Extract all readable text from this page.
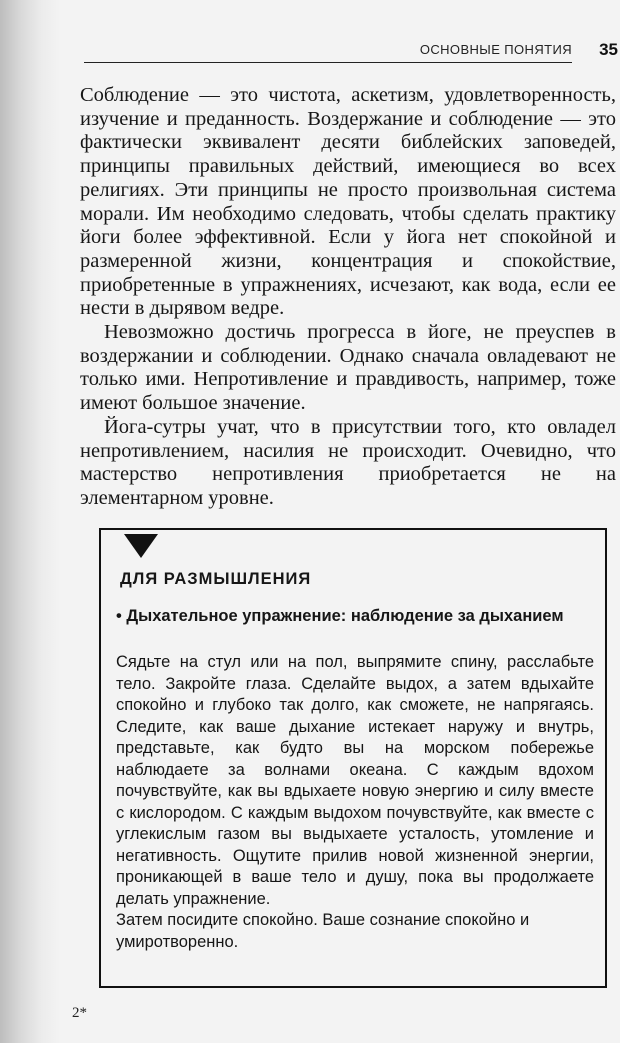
ОСНОВНЫЕ ПОНЯТИЯ 35

Соблюдение — это чистота, аскетизм, удовлетворенность, изучение и преданность. Воздержание и соблюдение — это фактически эквивалент десяти библейских заповедей, принципы правильных действий, имеющиеся во всех религиях. Эти принципы не просто произвольная система морали. Им необходимо следовать, чтобы сделать практику йоги более эффективной. Если у йога нет спокойной и размеренной жизни, концентрация и спокойствие, приобретенные в упражнениях, исчезают, как вода, если ее нести в дырявом ведре.

Невозможно достичь прогресса в йоге, не преуспев в воздержании и соблюдении. Однако сначала овладевают не только ими. Непротивление и правдивость, например, тоже имеют большое значение.

Йога-сутры учат, что в присутствии того, кто овладел непротивлением, насилия не происходит. Очевидно, что мастерство непротивления приобретается не на элементарном уровне.

ДЛЯ РАЗМЫШЛЕНИЯ
• Дыхательное упражнение: наблюдение за дыханием

Сядьте на стул или на пол, выпрямите спину, расслабьте тело. Закройте глаза. Сделайте выдох, а затем вдыхайте спокойно и глубоко так долго, как сможете, не напрягаясь. Следите, как ваше дыхание истекает наружу и внутрь, представьте, как будто вы на морском побережье наблюдаете за волнами океана. С каждым вдохом почувствуйте, как вы вдыхаете новую энергию и силу вместе с кислородом. С каждым выдохом почувствуйте, как вместе с углекислым газом вы выдыхаете усталость, утомление и негативность. Ощутите прилив новой жизненной энергии, проникающей в ваше тело и душу, пока вы продолжаете делать упражнение.

Затем посидите спокойно. Ваше сознание спокойно и умиротворенно.

2*
